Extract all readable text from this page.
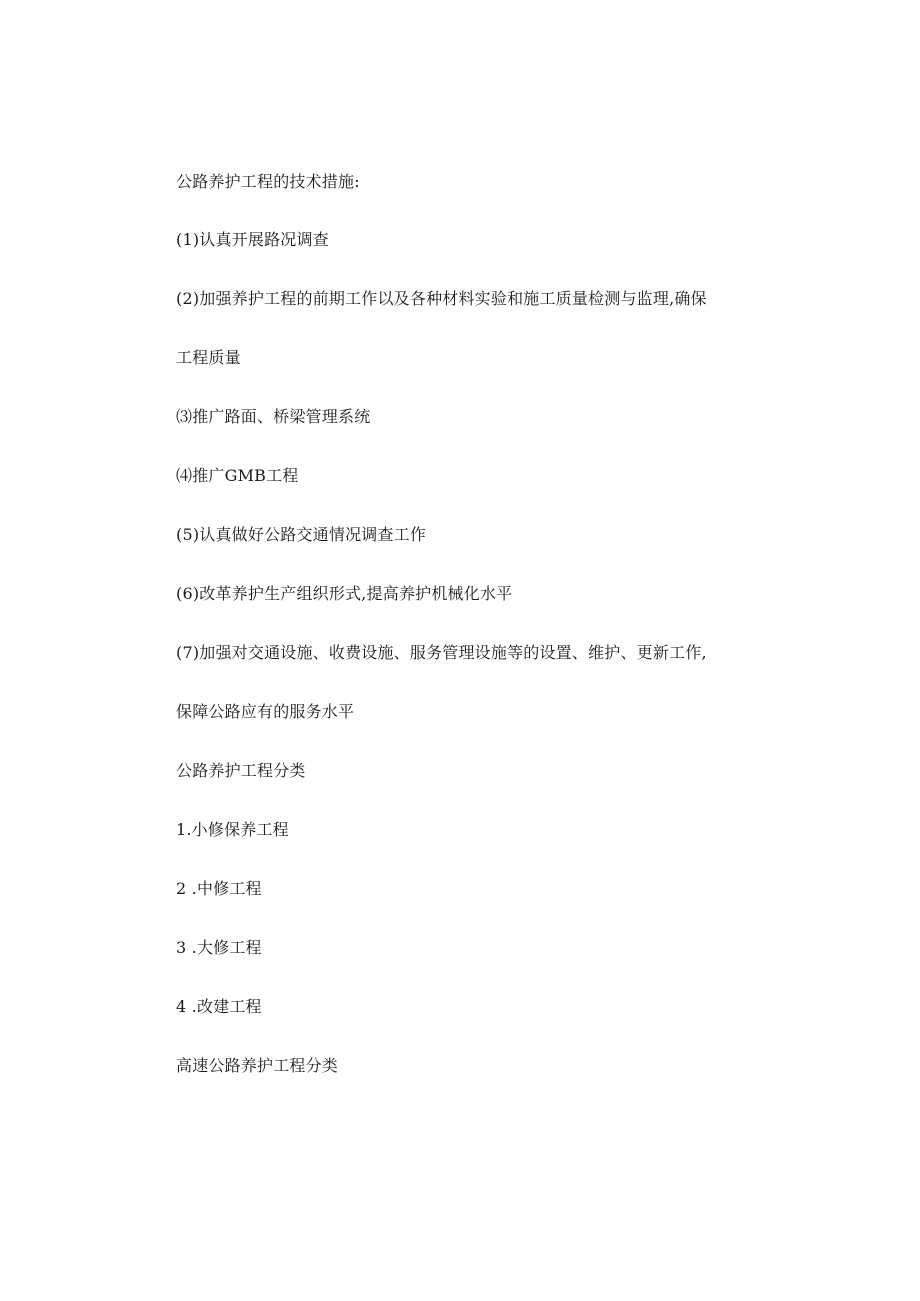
公路养护工程的技术措施:
(1)认真开展路况调查
(2)加强养护工程的前期工作以及各种材料实验和施工质量检测与监理,确保
工程质量
⑶推广路面、桥梁管理系统
⑷推广GMB工程
(5)认真做好公路交通情况调查工作
(6)改革养护生产组织形式,提高养护机械化水平
(7)加强对交通设施、收费设施、服务管理设施等的设置、维护、更新工作,
保障公路应有的服务水平
公路养护工程分类
1.小修保养工程
2 .中修工程
3 .大修工程
4 .改建工程
高速公路养护工程分类
